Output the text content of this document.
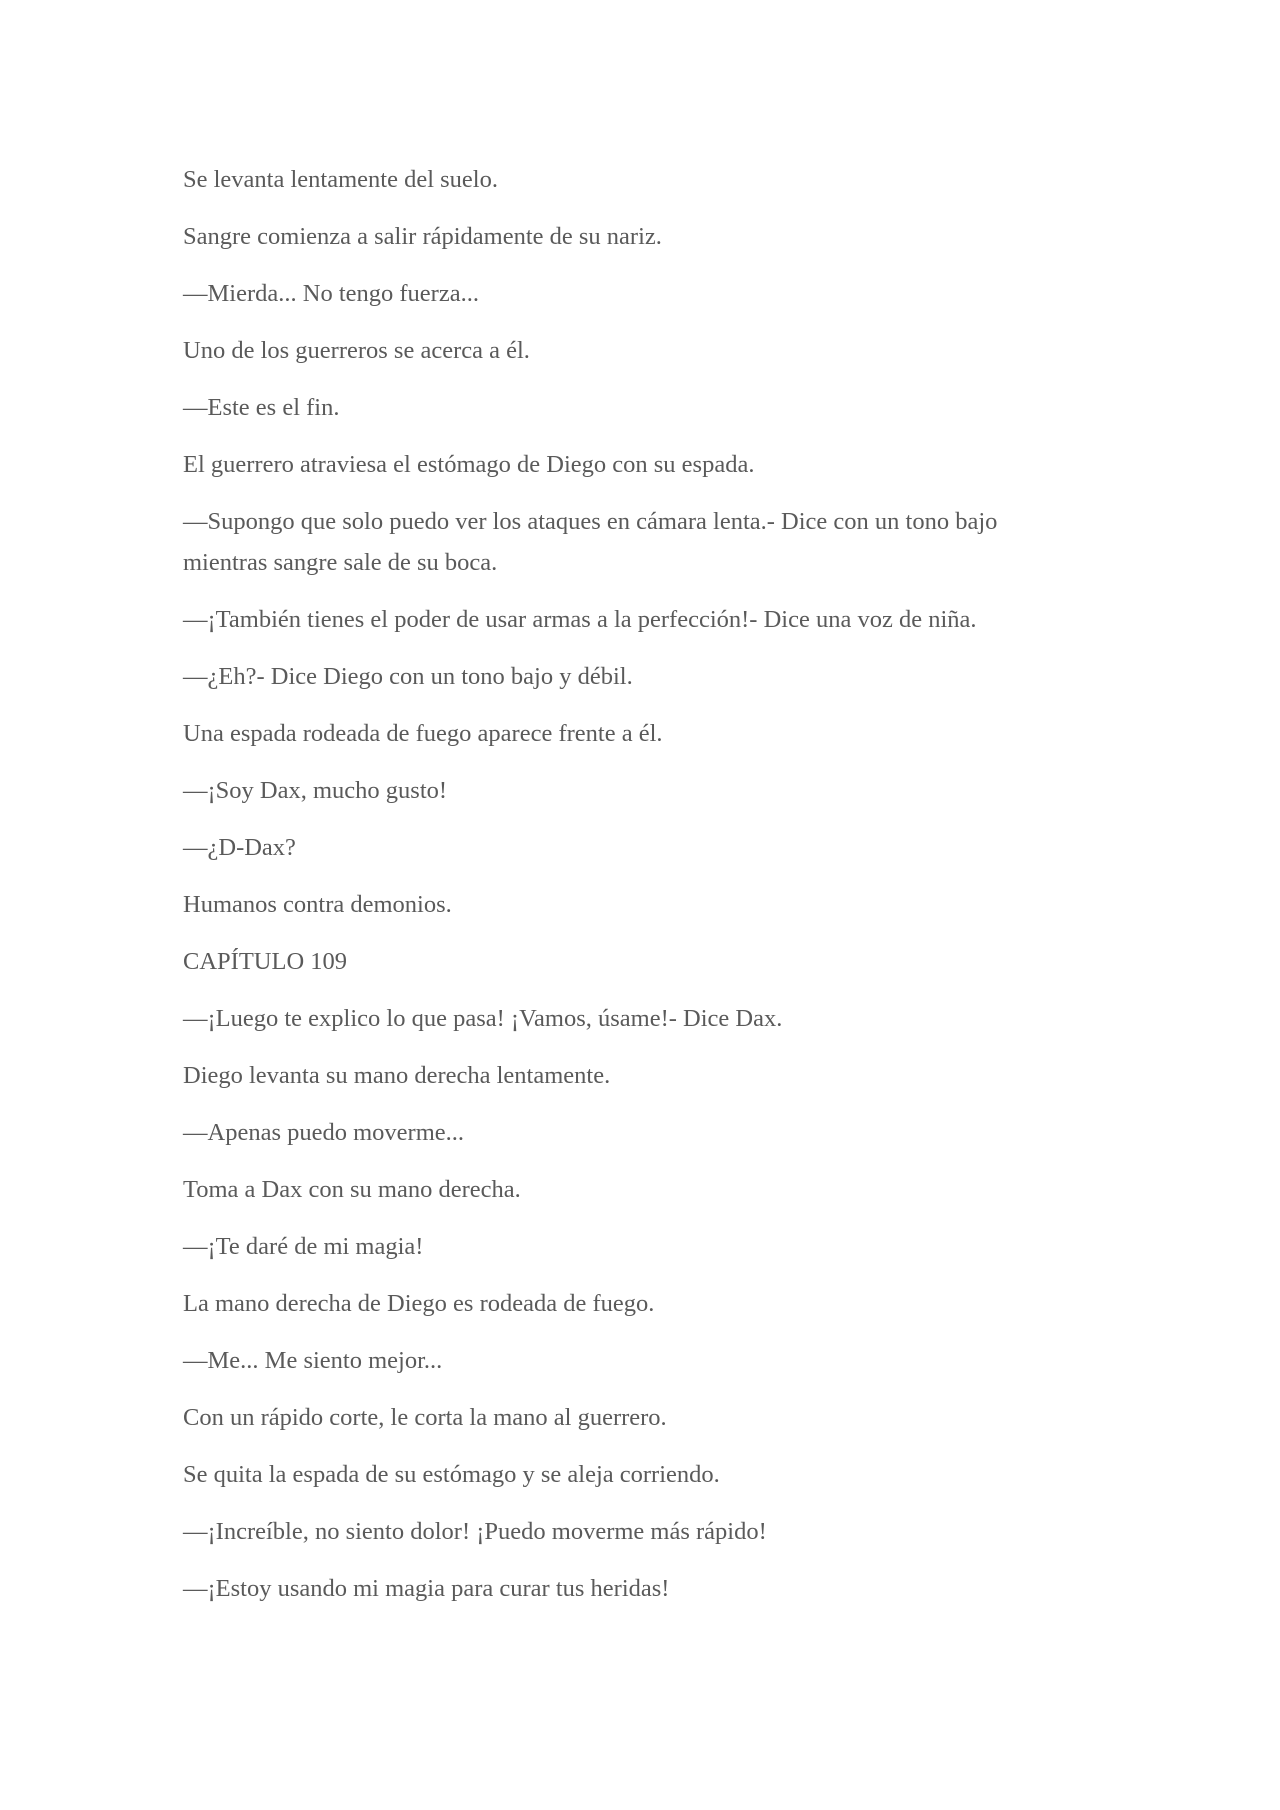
Se levanta lentamente del suelo.

Sangre comienza a salir rápidamente de su nariz.

—Mierda... No tengo fuerza...

Uno de los guerreros se acerca a él.

—Este es el fin.

El guerrero atraviesa el estómago de Diego con su espada.

—Supongo que solo puedo ver los ataques en cámara lenta.- Dice con un tono bajo mientras sangre sale de su boca.

—¡También tienes el poder de usar armas a la perfección!- Dice una voz de niña.

—¿Eh?- Dice Diego con un tono bajo y débil.

Una espada rodeada de fuego aparece frente a él.

—¡Soy Dax, mucho gusto!

—¿D-Dax?

Humanos contra demonios.

CAPÍTULO 109

—¡Luego te explico lo que pasa! ¡Vamos, úsame!- Dice Dax.

Diego levanta su mano derecha lentamente.

—Apenas puedo moverme...

Toma a Dax con su mano derecha.

—¡Te daré de mi magia!

La mano derecha de Diego es rodeada de fuego.

—Me... Me siento mejor...

Con un rápido corte, le corta la mano al guerrero.

Se quita la espada de su estómago y se aleja corriendo.

—¡Increíble, no siento dolor! ¡Puedo moverme más rápido!

—¡Estoy usando mi magia para curar tus heridas!
